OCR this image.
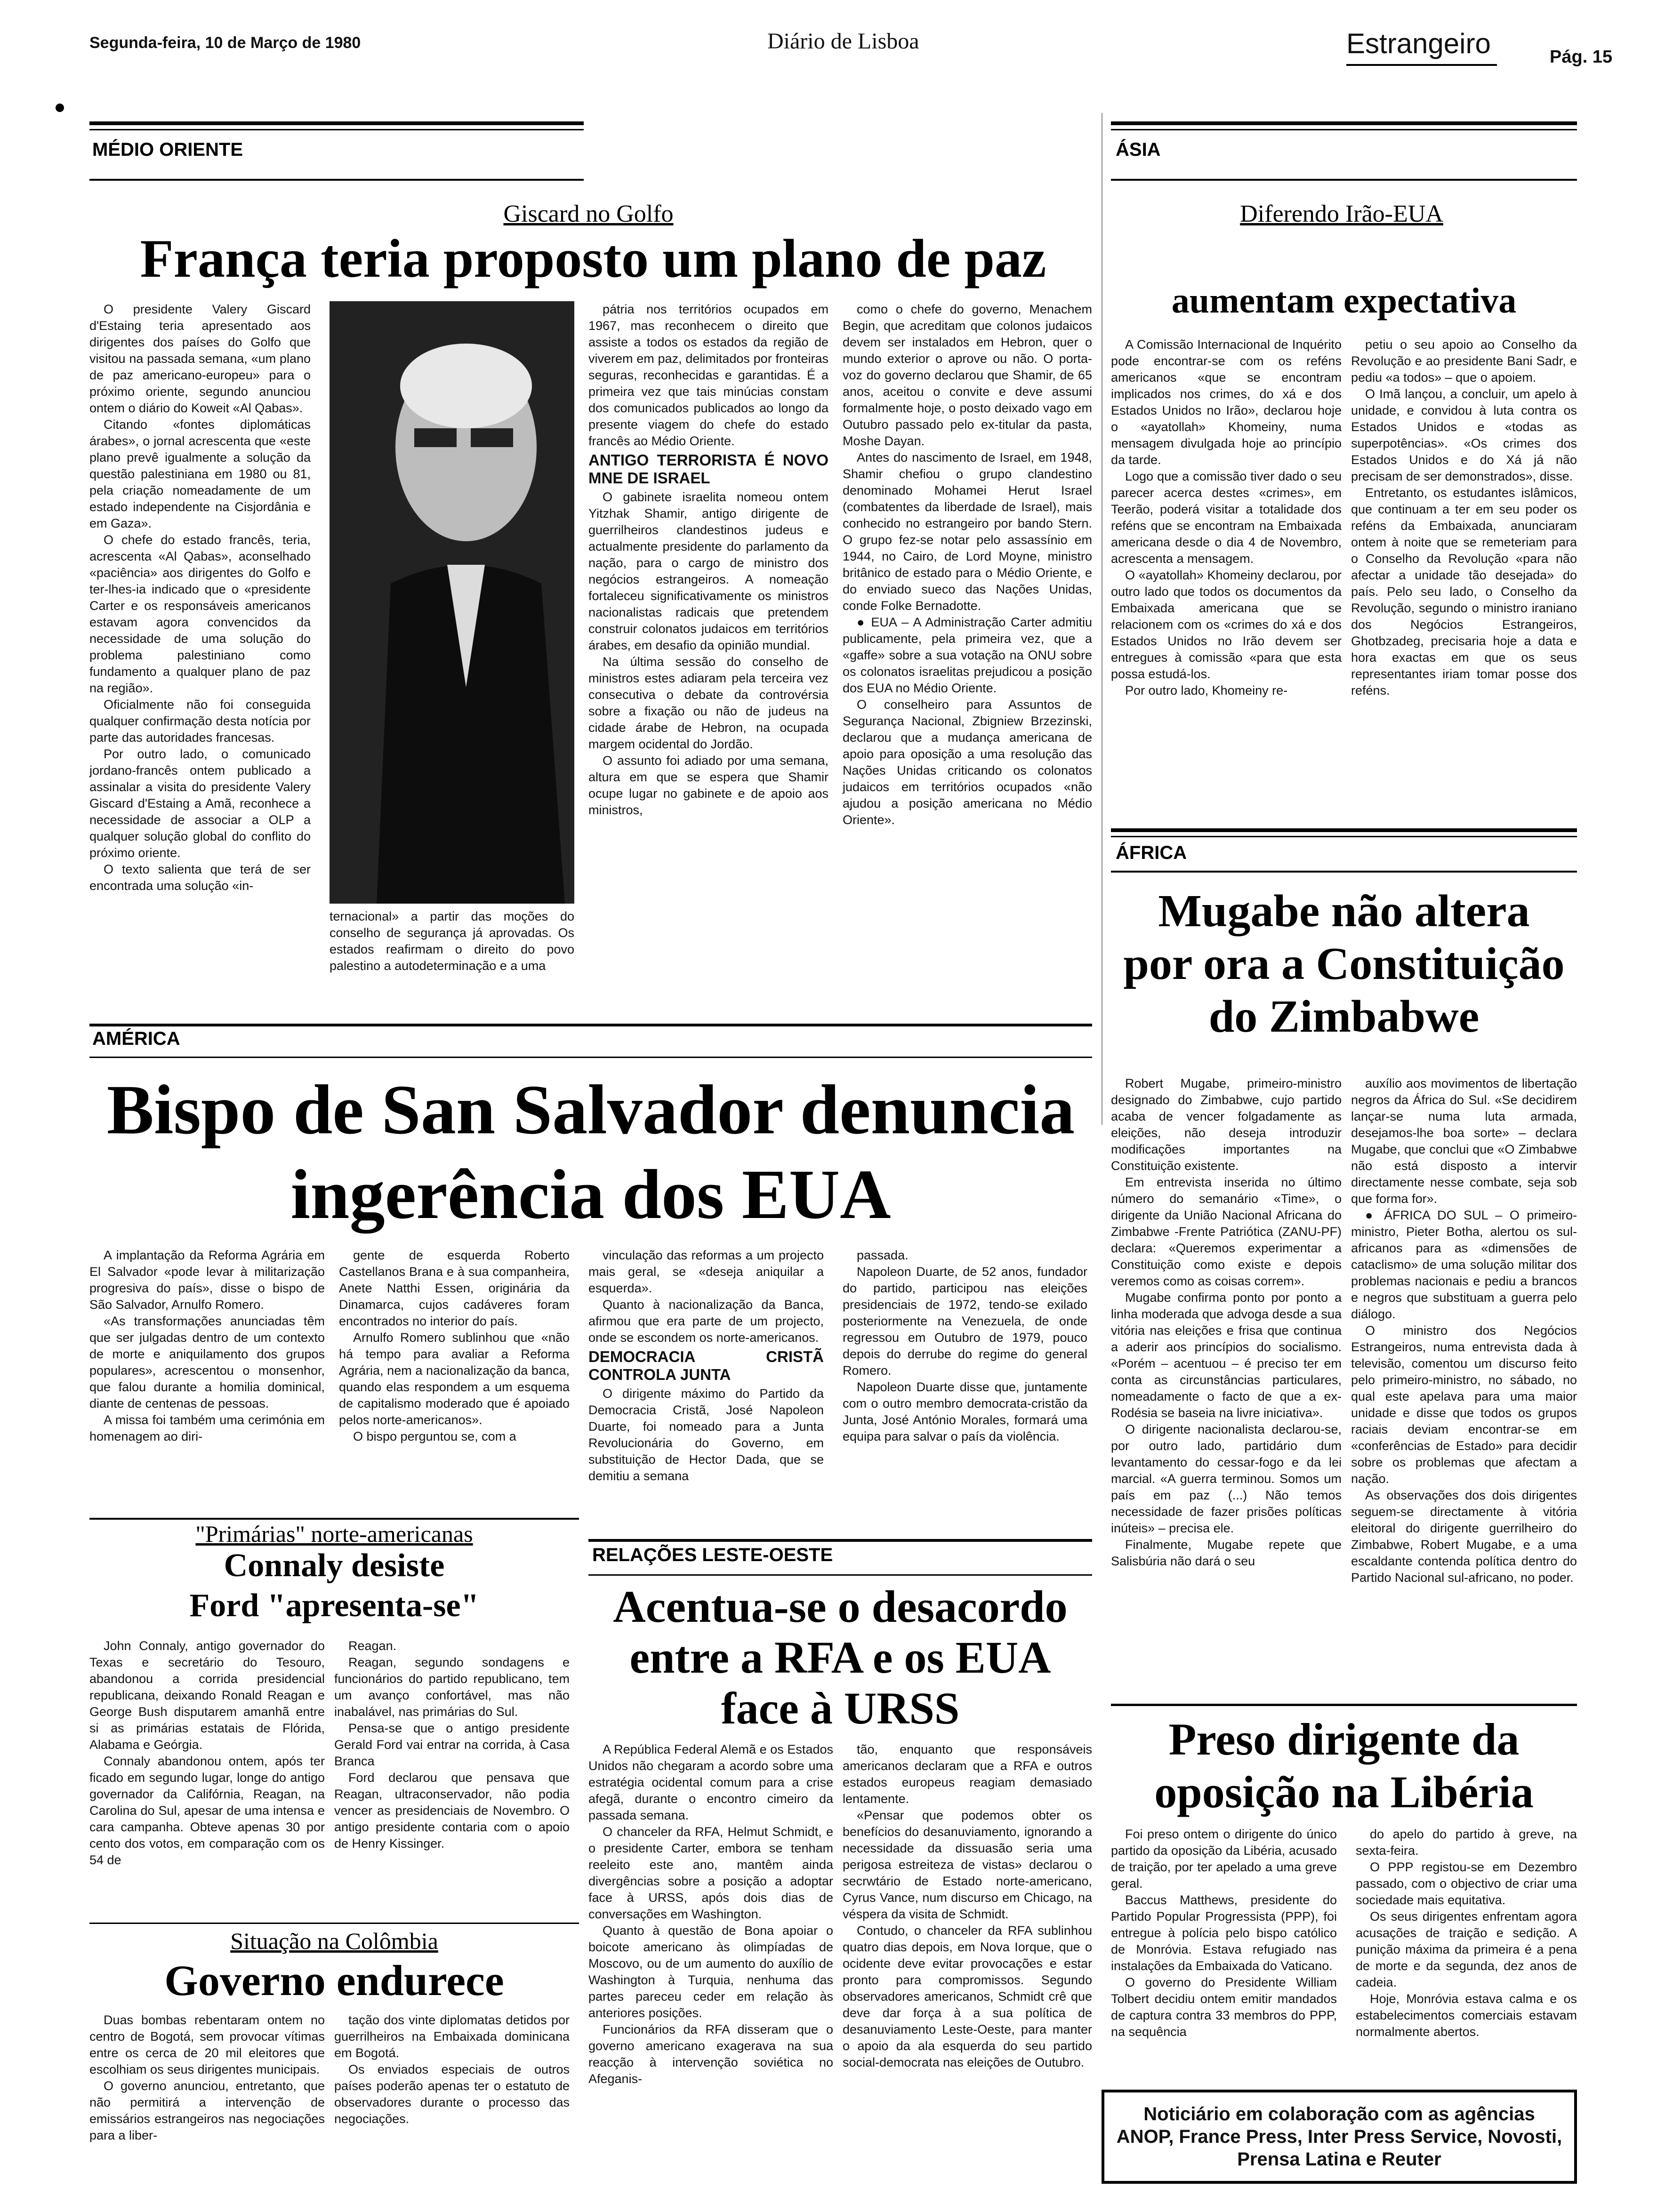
Segunda-feira, 10 de Março de 1980	Diário de Lisboa	Estrangeiro	Pág. 15
MÉDIO ORIENTE
Giscard no Golfo
França teria proposto um plano de paz

O presidente Valery Giscard d'Estaing teria apresentado aos dirigentes dos países do Golfo que visitou na passada semana, «um plano de paz americano-europeu» para o próximo oriente, segundo anunciou ontem o diário do Koweit «Al Qabas».

Citando «fontes diplomáticas árabes», o jornal acrescenta que «este plano prevê igualmente a solução da questão palestiniana em 1980 ou 81, pela criação nomeadamente de um estado independente na Cisjordânia e em Gaza».

O chefe do estado francês, teria, acrescenta «Al Qabas», aconselhado «paciência» aos dirigentes do Golfo e ter-lhes-ia indicado que o «presidente Carter e os responsáveis americanos estavam agora convencidos da necessidade de uma solução do problema palestiniano como fundamento a qualquer plano de paz na região».

Oficialmente não foi conseguida qualquer confirmação desta notícia por parte das autoridades francesas.

Por outro lado, o comunicado jordano-francês ontem publicado a assinalar a visita do presidente Valery Giscard d'Estaing a Amã, reconhece a necessidade de associar a OLP a qualquer solução global do conflito do próximo oriente.

O texto salienta que terá de ser encontrada uma solução «in-

ternacional» a partir das moções do conselho de segurança já aprovadas. Os estados reafirmam o direito do povo palestino a autodeterminação e a uma

pátria nos territórios ocupados em 1967, mas reconhecem o direito que assiste a todos os estados da região de viverem em paz, delimitados por fronteiras seguras, reconhecidas e garantidas. É a primeira vez que tais minúcias constam dos comunicados publicados ao longo da presente viagem do chefe do estado francês ao Médio Oriente.

ANTIGO TERRORISTA É NOVO MNE DE ISRAEL

O gabinete israelita nomeou ontem Yitzhak Shamir, antigo dirigente de guerrilheiros clandestinos judeus e actualmente presidente do parlamento da nação, para o cargo de ministro dos negócios estrangeiros. A nomeação fortaleceu significativamente os ministros nacionalistas radicais que pretendem construir colonatos judaicos em territórios árabes, em desafio da opinião mundial.

Na última sessão do conselho de ministros estes adiaram pela terceira vez consecutiva o debate da controvérsia sobre a fixação ou não de judeus na cidade árabe de Hebron, na ocupada margem ocidental do Jordão.

O assunto foi adiado por uma semana, altura em que se espera que Shamir ocupe lugar no gabinete e de apoio aos ministros,

como o chefe do governo, Menachem Begin, que acreditam que colonos judaicos devem ser instalados em Hebron, quer o mundo exterior o aprove ou não. O porta-voz do governo declarou que Shamir, de 65 anos, aceitou o convite e deve assumi formalmente hoje, o posto deixado vago em Outubro passado pelo ex-titular da pasta, Moshe Dayan.

Antes do nascimento de Israel, em 1948, Shamir chefiou o grupo clandestino denominado Mohamei Herut Israel (combatentes da liberdade de Israel), mais conhecido no estrangeiro por bando Stern. O grupo fez-se notar pelo assassínio em 1944, no Cairo, de Lord Moyne, ministro britânico de estado para o Médio Oriente, e do enviado sueco das Nações Unidas, conde Folke Bernadotte.

● EUA – A Administração Carter admitiu publicamente, pela primeira vez, que a «gaffe» sobre a sua votação na ONU sobre os colonatos israelitas prejudicou a posição dos EUA no Médio Oriente.

O conselheiro para Assuntos de Segurança Nacional, Zbigniew Brzezinski, declarou que a mudança americana de apoio para oposição a uma resolução das Nações Unidas criticando os colonatos judaicos em territórios ocupados «não ajudou a posição americana no Médio Oriente».

ÁSIA
Diferendo Irão-EUA
aumentam expectativa

A Comissão Internacional de Inquérito pode encontrar-se com os reféns americanos «que se encontram implicados nos crimes, do xá e dos Estados Unidos no Irão», declarou hoje o «ayatollah» Khomeiny, numa mensagem divulgada hoje ao princípio da tarde.

Logo que a comissão tiver dado o seu parecer acerca destes «crimes», em Teerão, poderá visitar a totalidade dos reféns que se encontram na Embaixada americana desde o dia 4 de Novembro, acrescenta a mensagem.

O «ayatollah» Khomeiny declarou, por outro lado que todos os documentos da Embaixada americana que se relacionem com os «crimes do xá e dos Estados Unidos no Irão devem ser entregues à comissão «para que esta possa estudá-los.

Por outro lado, Khomeiny re-

petiu o seu apoio ao Conselho da Revolução e ao presidente Bani Sadr, e pediu «a todos» – que o apoiem.

O Imã lançou, a concluir, um apelo à unidade, e convidou à luta contra os Estados Unidos e «todas as superpotências». «Os crimes dos Estados Unidos e do Xá já não precisam de ser demonstrados», disse.

Entretanto, os estudantes islâmicos, que continuam a ter em seu poder os reféns da Embaixada, anunciaram ontem à noite que se remeteriam para o Conselho da Revolução «para não afectar a unidade tão desejada» do país. Pelo seu lado, o Conselho da Revolução, segundo o ministro iraniano dos Negócios Estrangeiros, Ghotbzadeg, precisaria hoje a data e hora exactas em que os seus representantes iriam tomar posse dos reféns.

ÁFRICA
Mugabe não altera por ora a Constituição do Zimbabwe

Robert Mugabe, primeiro-ministro designado do Zimbabwe, cujo partido acaba de vencer folgadamente as eleições, não deseja introduzir modificações importantes na Constituição existente.

Em entrevista inserida no último número do semanário «Time», o dirigente da União Nacional Africana do Zimbabwe -Frente Patriótica (ZANU-PF) declara: «Queremos experimentar a Constituição como existe e depois veremos como as coisas correm».

Mugabe confirma ponto por ponto a linha moderada que advoga desde a sua vitória nas eleições e frisa que continua a aderir aos princípios do socialismo. «Porém – acentuou – é preciso ter em conta as circunstâncias particulares, nomeadamente o facto de que a ex-Rodésia se baseia na livre iniciativa».

O dirigente nacionalista declarou-se, por outro lado, partidário dum levantamento do cessar-fogo e da lei marcial. «A guerra terminou. Somos um país em paz (...) Não temos necessidade de fazer prisões políticas inúteis» – precisa ele.

Finalmente, Mugabe repete que Salisbúria não dará o seu

auxílio aos movimentos de libertação negros da África do Sul. «Se decidirem lançar-se numa luta armada, desejamos-lhe boa sorte» – declara Mugabe, que conclui que «O Zimbabwe não está disposto a intervir directamente nesse combate, seja sob que forma for».

● ÁFRICA DO SUL – O primeiro-ministro, Pieter Botha, alertou os sul-africanos para as «dimensões de cataclismo» de uma solução militar dos problemas nacionais e pediu a brancos e negros que substituam a guerra pelo diálogo.

O ministro dos Negócios Estrangeiros, numa entrevista dada à televisão, comentou um discurso feito pelo primeiro-ministro, no sábado, no qual este apelava para uma maior unidade e disse que todos os grupos raciais deviam encontrar-se em «conferências de Estado» para decidir sobre os problemas que afectam a nação.

As observações dos dois dirigentes seguem-se directamente à vitória eleitoral do dirigente guerrilheiro do Zimbabwe, Robert Mugabe, e a uma escaldante contenda política dentro do Partido Nacional sul-africano, no poder.

AMÉRICA
Bispo de San Salvador denuncia
ingerência dos EUA

A implantação da Reforma Agrária em El Salvador «pode levar à militarização progresiva do país», disse o bispo de São Salvador, Arnulfo Romero.

«As transformações anunciadas têm que ser julgadas dentro de um contexto de morte e aniquilamento dos grupos populares», acrescentou o monsenhor, que falou durante a homilia dominical, diante de centenas de pessoas.

A missa foi também uma cerimónia em homenagem ao diri-

gente de esquerda Roberto Castellanos Brana e à sua companheira, Anete Natthi Essen, originária da Dinamarca, cujos cadáveres foram encontrados no interior do país.

Arnulfo Romero sublinhou que «não há tempo para avaliar a Reforma Agrária, nem a nacionalização da banca, quando elas respondem a um esquema de capitalismo moderado que é apoiado pelos norte-americanos».

O bispo perguntou se, com a

vinculação das reformas a um projecto mais geral, se «deseja aniquilar a esquerda».

Quanto à nacionalização da Banca, afirmou que era parte de um projecto, onde se escondem os norte-americanos.

DEMOCRACIA CRISTÃ CONTROLA JUNTA

O dirigente máximo do Partido da Democracia Cristã, José Napoleon Duarte, foi nomeado para a Junta Revolucionária do Governo, em substituição de Hector Dada, que se demitiu a semana

passada.

Napoleon Duarte, de 52 anos, fundador do partido, participou nas eleições presidenciais de 1972, tendo-se exilado posteriormente na Venezuela, de onde regressou em Outubro de 1979, pouco depois do derrube do regime do general Romero.

Napoleon Duarte disse que, juntamente com o outro membro democrata-cristão da Junta, José António Morales, formará uma equipa para salvar o país da violência.

"Primárias" norte-americanas
Connaly desiste
Ford "apresenta-se"

John Connaly, antigo governador do Texas e secretário do Tesouro, abandonou a corrida presidencial republicana, deixando Ronald Reagan e George Bush disputarem amanhã entre si as primárias estatais de Flórida, Alabama e Geórgia.

Connaly abandonou ontem, após ter ficado em segundo lugar, longe do antigo governador da Califórnia, Reagan, na Carolina do Sul, apesar de uma intensa e cara campanha. Obteve apenas 30 por cento dos votos, em comparação com os 54 de

Reagan.

Reagan, segundo sondagens e funcionários do partido republicano, tem um avanço confortável, mas não inabalável, nas primárias do Sul.

Pensa-se que o antigo presidente Gerald Ford vai entrar na corrida, à Casa Branca

Ford declarou que pensava que Reagan, ultraconservador, não podia vencer as presidenciais de Novembro. O antigo presidente contaria com o apoio de Henry Kissinger.

Situação na Colômbia
Governo endurece

Duas bombas rebentaram ontem no centro de Bogotá, sem provocar vítimas entre os cerca de 20 mil eleitores que escolhiam os seus dirigentes municipais.

O governo anunciou, entretanto, que não permitirá a intervenção de emissários estrangeiros nas negociações para a liber-

tação dos vinte diplomatas detidos por guerrilheiros na Embaixada dominicana em Bogotá.

Os enviados especiais de outros países poderão apenas ter o estatuto de observadores durante o processo das negociações.

RELAÇÕES LESTE-OESTE
Acentua-se o desacordo entre a RFA e os EUA face à URSS

A República Federal Alemã e os Estados Unidos não chegaram a acordo sobre uma estratégia ocidental comum para a crise afegã, durante o encontro cimeiro da passada semana.

O chanceler da RFA, Helmut Schmidt, e o presidente Carter, embora se tenham reeleito este ano, mantêm ainda divergências sobre a posição a adoptar face à URSS, após dois dias de conversações em Washington.

Quanto à questão de Bona apoiar o boicote americano às olimpíadas de Moscovo, ou de um aumento do auxílio de Washington à Turquia, nenhuma das partes pareceu ceder em relação às anteriores posições.

Funcionários da RFA disseram que o governo americano exagerava na sua reacção à intervenção soviética no Afeganis-

tão, enquanto que responsáveis americanos declaram que a RFA e outros estados europeus reagiam demasiado lentamente.

«Pensar que podemos obter os benefícios do desanuviamento, ignorando a necessidade da dissuasão seria uma perigosa estreiteza de vistas» declarou o secrwtário de Estado norte-americano, Cyrus Vance, num discurso em Chicago, na véspera da visita de Schmidt.

Contudo, o chanceler da RFA sublinhou quatro dias depois, em Nova Iorque, que o ocidente deve evitar provocações e estar pronto para compromissos. Segundo observadores americanos, Schmidt crê que deve dar força à a sua política de desanuviamento Leste-Oeste, para manter o apoio da ala esquerda do seu partido social-democrata nas eleições de Outubro.

Preso dirigente da oposição na Libéria

Foi preso ontem o dirigente do único partido da oposição da Libéria, acusado de traição, por ter apelado a uma greve geral.

Baccus Matthews, presidente do Partido Popular Progressista (PPP), foi entregue à polícia pelo bispo católico de Monróvia. Estava refugiado nas instalações da Embaixada do Vaticano.

O governo do Presidente William Tolbert decidiu ontem emitir mandados de captura contra 33 membros do PPP, na sequência

do apelo do partido à greve, na sexta-feira.

O PPP registou-se em Dezembro passado, com o objectivo de criar uma sociedade mais equitativa.

Os seus dirigentes enfrentam agora acusações de traição e sedição. A punição máxima da primeira é a pena de morte e da segunda, dez anos de cadeia.

Hoje, Monróvia estava calma e os estabelecimentos comerciais estavam normalmente abertos.

Noticiário em colaboração com as agências ANOP, France Press, Inter Press Service, Novosti, Prensa Latina e Reuter
